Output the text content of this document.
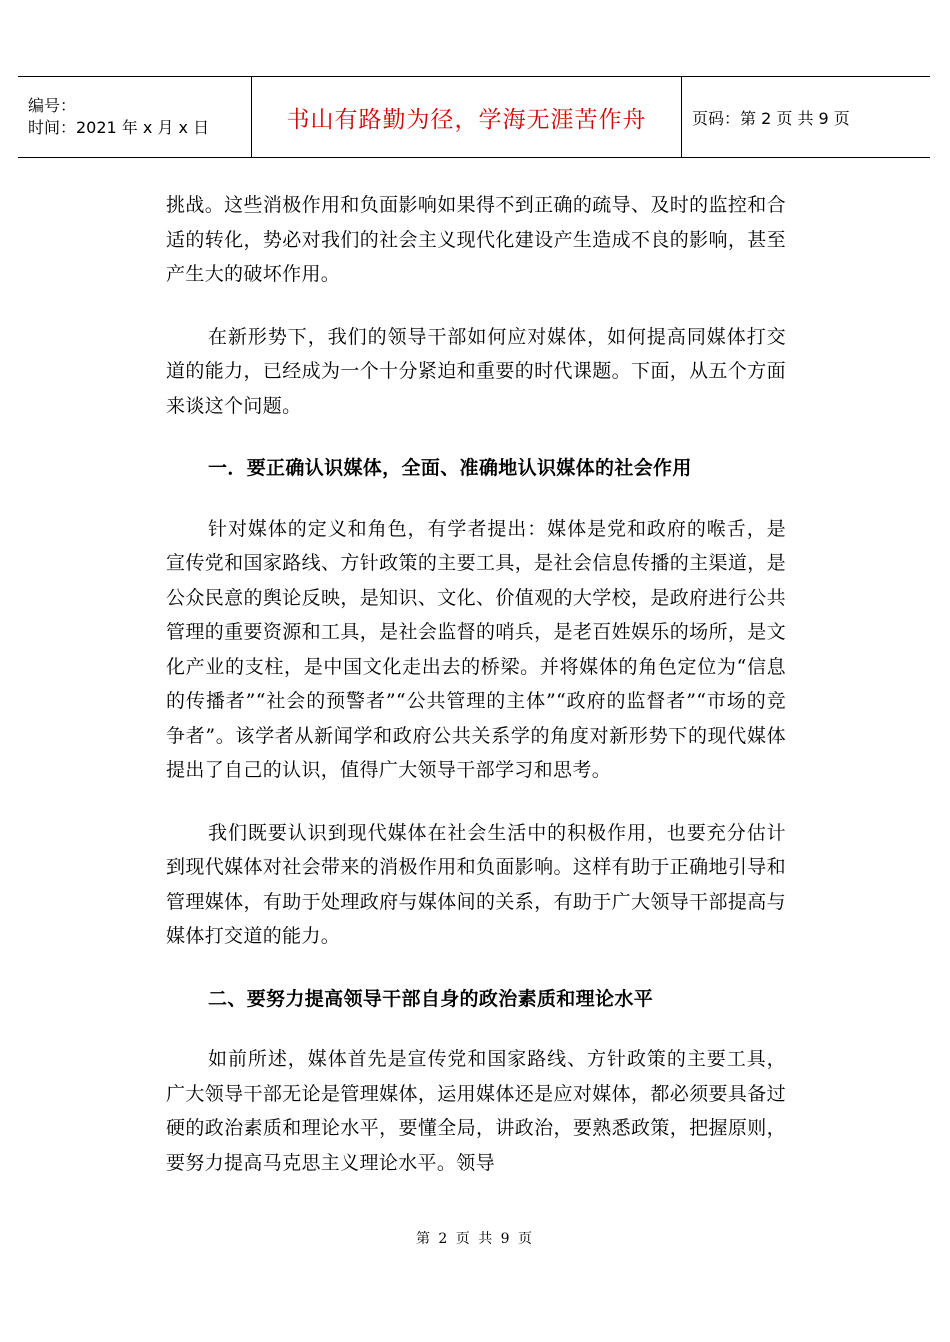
编号：
时间：2021 年 x 月 x 日	书山有路勤为径，学海无涯苦作舟	页码：第 2 页 共 9 页

挑战。这些消极作用和负面影响如果得不到正确的疏导、及时的监控和合适的转化，势必对我们的社会主义现代化建设产生造成不良的影响，甚至产生大的破坏作用。

在新形势下，我们的领导干部如何应对媒体，如何提高同媒体打交道的能力，已经成为一个十分紧迫和重要的时代课题。下面，从五个方面来谈这个问题。

一．要正确认识媒体，全面、准确地认识媒体的社会作用

针对媒体的定义和角色，有学者提出：媒体是党和政府的喉舌，是宣传党和国家路线、方针政策的主要工具，是社会信息传播的主渠道，是公众民意的舆论反映，是知识、文化、价值观的大学校，是政府进行公共管理的重要资源和工具，是社会监督的哨兵，是老百姓娱乐的场所，是文化产业的支柱，是中国文化走出去的桥梁。并将媒体的角色定位为“信息的传播者”“社会的预警者”“公共管理的主体”“政府的监督者”“市场的竞争者”。该学者从新闻学和政府公共关系学的角度对新形势下的现代媒体提出了自己的认识，值得广大领导干部学习和思考。

我们既要认识到现代媒体在社会生活中的积极作用，也要充分估计到现代媒体对社会带来的消极作用和负面影响。这样有助于正确地引导和管理媒体，有助于处理政府与媒体间的关系，有助于广大领导干部提高与媒体打交道的能力。

二、要努力提高领导干部自身的政治素质和理论水平

如前所述，媒体首先是宣传党和国家路线、方针政策的主要工具，广大领导干部无论是管理媒体，运用媒体还是应对媒体，都必须要具备过硬的政治素质和理论水平，要懂全局，讲政治，要熟悉政策，把握原则，要努力提高马克思主义理论水平。领导

第 2 页 共 9 页
